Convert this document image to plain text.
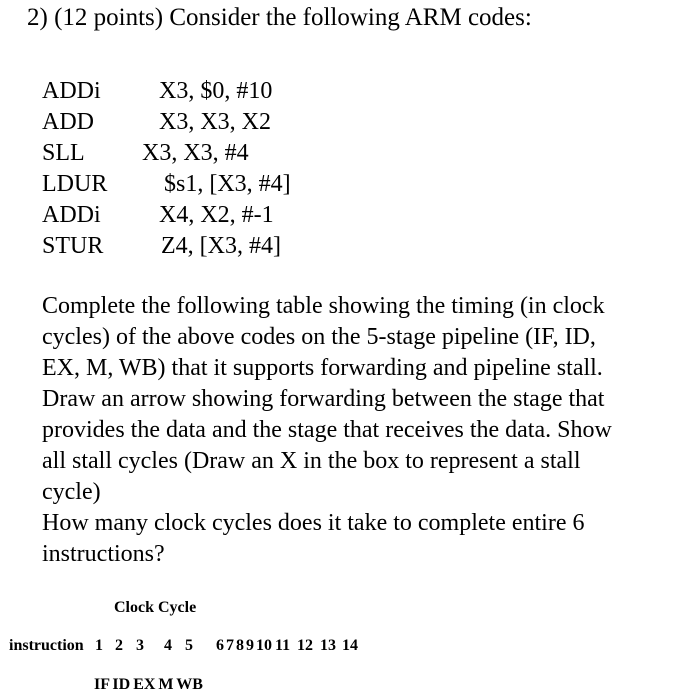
2) (12 points) Consider the following ARM codes:
ADDi X3, $0, #10
ADD	X3, X3, X2
SLL X3, X3, #4
LDUR $s1, [X3, #4]
ADDi X4, X2, #-1
STUR Z4, [X3, #4]
Complete the following table showing the timing (in clock
cycles) of the above codes on the 5-stage pipeline (IF, ID,
EX, M, WB) that it supports forwarding and pipeline stall.
Draw an arrow showing forwarding between the stage that
provides the data and the stage that receives the data. Show
all stall cycles (Draw an X in the box to represent a stall
cycle)
How many clock cycles does it take to complete entire 6
instructions?
Clock Cycle
instruction 1 2 3 4 5 6 7 8 9 10 11 12 13 14
IF ID EX M WB
